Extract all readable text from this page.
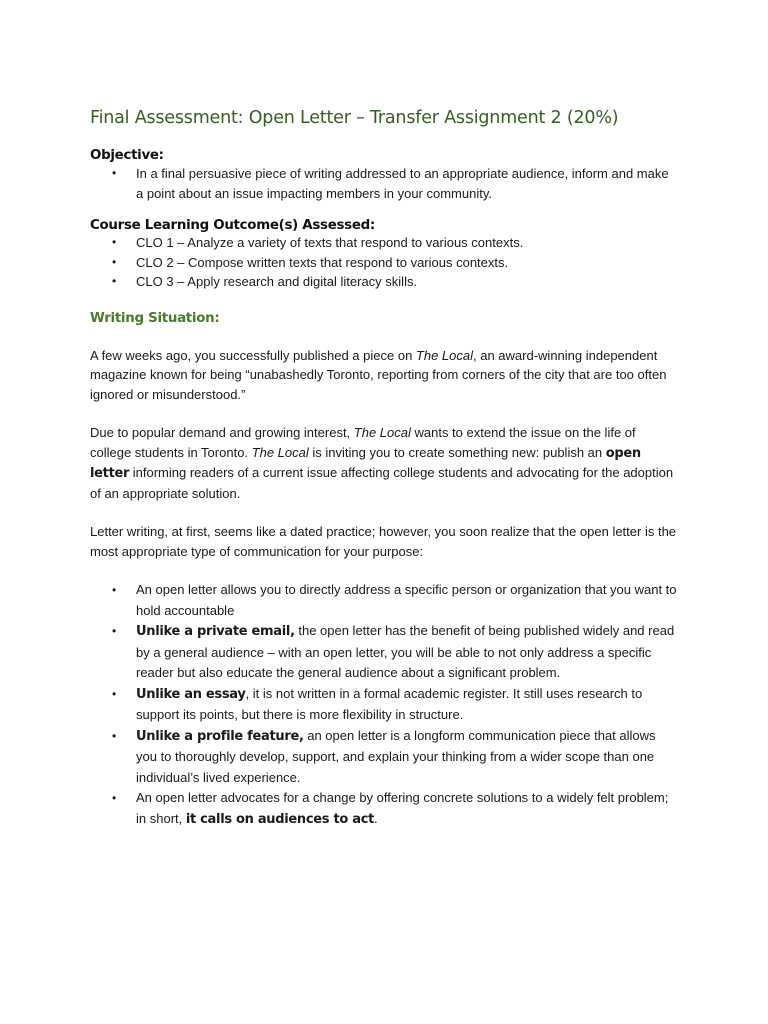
Final Assessment: Open Letter – Transfer Assignment 2 (20%)
Objective:
• In a final persuasive piece of writing addressed to an appropriate audience, inform and make a point about an issue impacting members in your community.
Course Learning Outcome(s) Assessed:
• CLO 1 – Analyze a variety of texts that respond to various contexts.
• CLO 2 – Compose written texts that respond to various contexts.
• CLO 3 – Apply research and digital literacy skills.
Writing Situation:

A few weeks ago, you successfully published a piece on The Local, an award-winning independent magazine known for being “unabashedly Toronto, reporting from corners of the city that are too often ignored or misunderstood.”

Due to popular demand and growing interest, The Local wants to extend the issue on the life of college students in Toronto. The Local is inviting you to create something new: publish an open letter informing readers of a current issue affecting college students and advocating for the adoption of an appropriate solution.

Letter writing, at first, seems like a dated practice; however, you soon realize that the open letter is the most appropriate type of communication for your purpose:

• An open letter allows you to directly address a specific person or organization that you want to hold accountable
• Unlike a private email, the open letter has the benefit of being published widely and read by a general audience – with an open letter, you will be able to not only address a specific reader but also educate the general audience about a significant problem.
• Unlike an essay, it is not written in a formal academic register. It still uses research to support its points, but there is more flexibility in structure.
• Unlike a profile feature, an open letter is a longform communication piece that allows you to thoroughly develop, support, and explain your thinking from a wider scope than one individual’s lived experience.
• An open letter advocates for a change by offering concrete solutions to a widely felt problem; in short, it calls on audiences to act.
